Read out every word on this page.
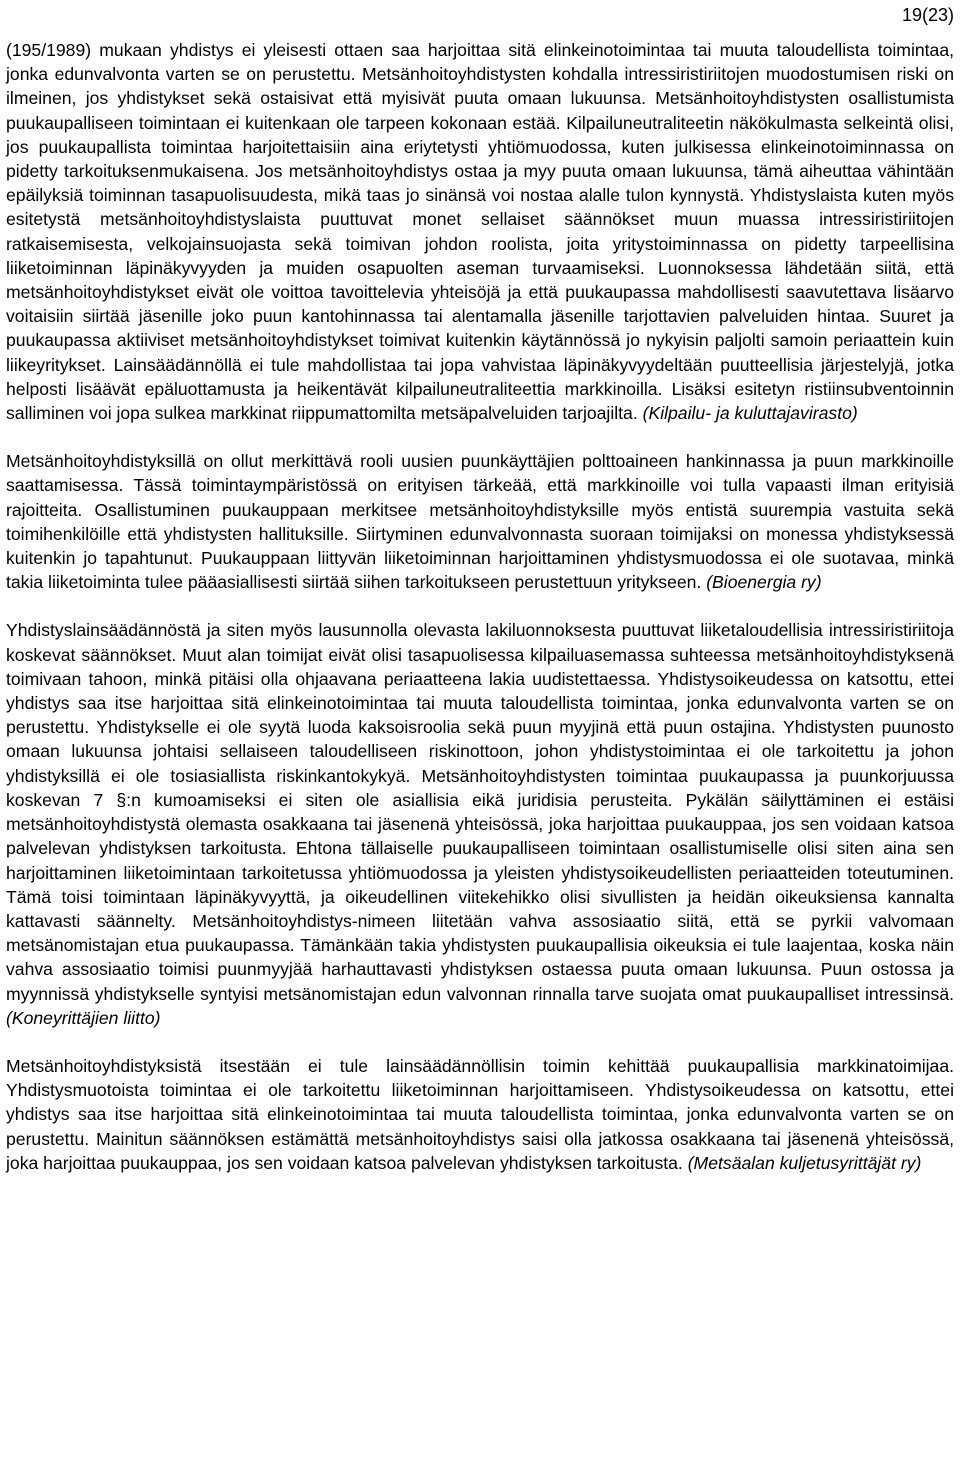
19(23)

(195/1989) mukaan yhdistys ei yleisesti ottaen saa harjoittaa sitä elinkeinotoimintaa tai muuta taloudellista toimintaa, jonka edunvalvonta varten se on perustettu. Metsänhoitoyhdistysten kohdalla intressiristiriitojen muodostumisen riski on ilmeinen, jos yhdistykset sekä ostaisivat että myisivät puuta omaan lukuunsa. Metsänhoitoyhdistysten osallistumista puukaupalliseen toimintaan ei kuitenkaan ole tarpeen kokonaan estää. Kilpailuneutraliteetin näkökulmasta selkeintä olisi, jos puukaupallista toimintaa harjoitettaisiin aina eriytetysti yhtiömuodossa, kuten julkisessa elinkeinotoiminnassa on pidetty tarkoituksenmukaisena. Jos metsänhoitoyhdistys ostaa ja myy puuta omaan lukuunsa, tämä aiheuttaa vähintään epäilyksiä toiminnan tasapuolisuudesta, mikä taas jo sinänsä voi nostaa alalle tulon kynnystä. Yhdistyslaista kuten myös esitetystä metsänhoitoyhdistyslaista puuttuvat monet sellaiset säännökset muun muassa intressiristiriitojen ratkaisemisesta, velkojainsuojasta sekä toimivan johdon roolista, joita yritystoiminnassa on pidetty tarpeellisina liiketoiminnan läpinäkyvyyden ja muiden osapuolten aseman turvaamiseksi. Luonnoksessa lähdetään siitä, että metsänhoitoyhdistykset eivät ole voittoa tavoittelevia yhteisöjä ja että puukaupassa mahdollisesti saavutettava lisäarvo voitaisiin siirtää jäsenille joko puun kantohinnassa tai alentamalla jäsenille tarjottavien palveluiden hintaa. Suuret ja puukaupassa aktiiviset metsänhoitoyhdistykset toimivat kuitenkin käytännössä jo nykyisin paljolti samoin periaattein kuin liikeyritykset. Lainsäädännöllä ei tule mahdollistaa tai jopa vahvistaa läpinäkyvyydeltään puutteellisia järjestelyjä, jotka helposti lisäävät epäluottamusta ja heikentävät kilpailuneutraliteettia markkinoilla. Lisäksi esitetyn ristiinsubventoinnin salliminen voi jopa sulkea markkinat riippumattomilta metsäpalveluiden tarjoajilta. (Kilpailu- ja kuluttajavirasto)

Metsänhoitoyhdistyksillä on ollut merkittävä rooli uusien puunkäyttäjien polttoaineen hankinnassa ja puun markkinoille saattamisessa. Tässä toimintaympäristössä on erityisen tärkeää, että markkinoille voi tulla vapaasti ilman erityisiä rajoitteita. Osallistuminen puukauppaan merkitsee metsänhoitoyhdistyksille myös entistä suurempia vastuita sekä toimihenkilöille että yhdistysten hallituksille. Siirtyminen edunvalvonnasta suoraan toimijaksi on monessa yhdistyksessä kuitenkin jo tapahtunut. Puukauppaan liittyvän liiketoiminnan harjoittaminen yhdistysmuodossa ei ole suotavaa, minkä takia liiketoiminta tulee pääasiallisesti siirtää siihen tarkoitukseen perustettuun yritykseen. (Bioenergia ry)

Yhdistyslainsäädännöstä ja siten myös lausunnolla olevasta lakiluonnoksesta puuttuvat liiketaloudellisia intressiristiriitoja koskevat säännökset. Muut alan toimijat eivät olisi tasapuolisessa kilpailuasemassa suhteessa metsänhoitoyhdistyksenä toimivaan tahoon, minkä pitäisi olla ohjaavana periaatteena lakia uudistettaessa. Yhdistysoikeudessa on katsottu, ettei yhdistys saa itse harjoittaa sitä elinkeinotoimintaa tai muuta taloudellista toimintaa, jonka edunvalvonta varten se on perustettu. Yhdistykselle ei ole syytä luoda kaksoisroolia sekä puun myyjinä että puun ostajina. Yhdistysten puunosto omaan lukuunsa johtaisi sellaiseen taloudelliseen riskinottoon, johon yhdistystoimintaa ei ole tarkoitettu ja johon yhdistyksillä ei ole tosiasiallista riskinkantokykyä. Metsänhoitoyhdistysten toimintaa puukaupassa ja puunkorjuussa koskevan 7 §:n kumoamiseksi ei siten ole asiallisia eikä juridisia perusteita. Pykälän säilyttäminen ei estäisi metsänhoitoyhdistystä olemasta osakkaana tai jäsenenä yhteisössä, joka harjoittaa puukauppaa, jos sen voidaan katsoa palvelevan yhdistyksen tarkoitusta. Ehtona tällaiselle puukaupalliseen toimintaan osallistumiselle olisi siten aina sen harjoittaminen liiketoimintaan tarkoitetussa yhtiömuodossa ja yleisten yhdistysoikeudellisten periaatteiden toteutuminen. Tämä toisi toimintaan läpinäkyvyyttä, ja oikeudellinen viitekehikko olisi sivullisten ja heidän oikeuksiensa kannalta kattavasti säännelty. Metsänhoitoyhdistys-nimeen liitetään vahva assosiaatio siitä, että se pyrkii valvomaan metsänomistajan etua puukaupassa. Tämänkään takia yhdistysten puukaupallisia oikeuksia ei tule laajentaa, koska näin vahva assosiaatio toimisi puunmyyjää harhauttavasti yhdistyksen ostaessa puuta omaan lukuunsa. Puun ostossa ja myynnissä yhdistykselle syntyisi metsänomistajan edun valvonnan rinnalla tarve suojata omat puukaupalliset intressinsä. (Koneyrittäjien liitto)

Metsänhoitoyhdistyksistä itsestään ei tule lainsäädännöllisin toimin kehittää puukaupallisia markkinatoimijaa. Yhdistysmuotoista toimintaa ei ole tarkoitettu liiketoiminnan harjoittamiseen. Yhdistysoikeudessa on katsottu, ettei yhdistys saa itse harjoittaa sitä elinkeinotoimintaa tai muuta taloudellista toimintaa, jonka edunvalvonta varten se on perustettu. Mainitun säännöksen estämättä metsänhoitoyhdistys saisi olla jatkossa osakkaana tai jäsenenä yhteisössä, joka harjoittaa puukauppaa, jos sen voidaan katsoa palvelevan yhdistyksen tarkoitusta. (Metsäalan kuljetusyrittäjät ry)
